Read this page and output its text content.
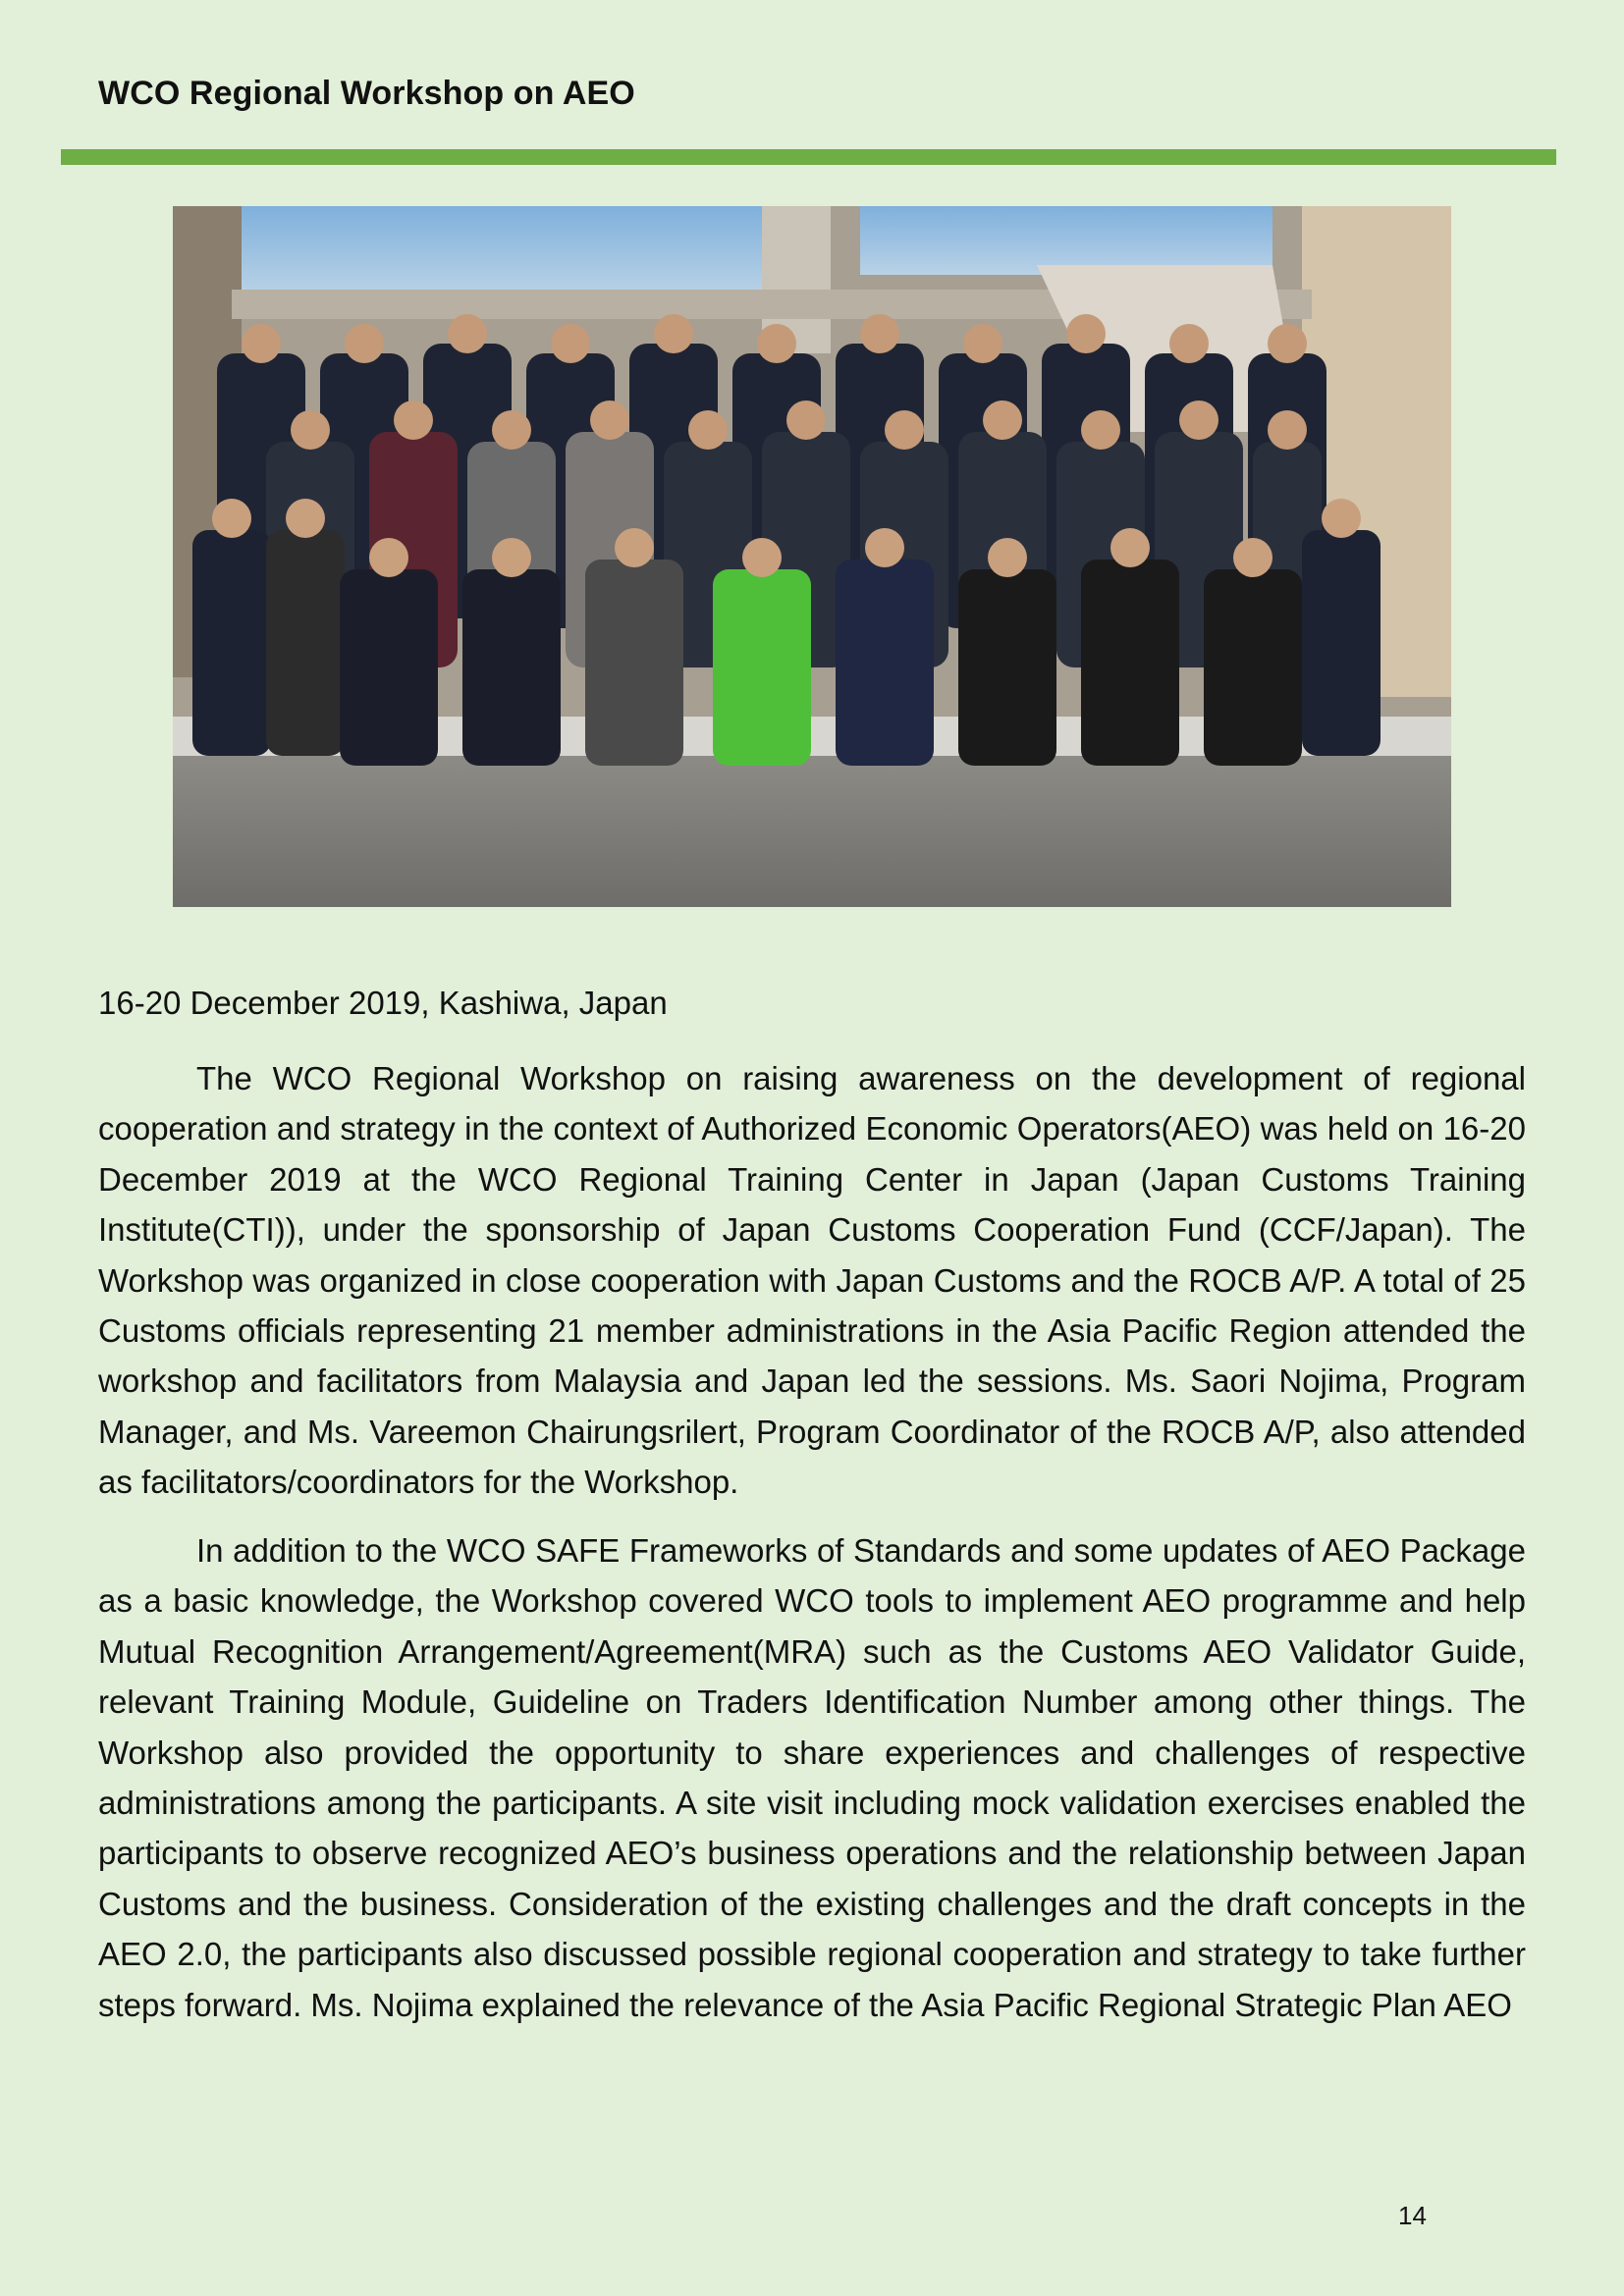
WCO Regional Workshop on AEO
16-20 December 2019, Kashiwa, Japan

The WCO Regional Workshop on raising awareness on the development of regional cooperation and strategy in the context of Authorized Economic Operators(AEO) was held on 16-20 December 2019 at the WCO Regional Training Center in Japan (Japan Customs Training Institute(CTI)), under the sponsorship of Japan Customs Cooperation Fund (CCF/Japan). The Workshop was organized in close cooperation with Japan Customs and the ROCB A/P. A total of 25 Customs officials representing 21 member administrations in the Asia Pacific Region attended the workshop and facilitators from Malaysia and Japan led the sessions. Ms. Saori Nojima, Program Manager, and Ms. Vareemon Chairungsrilert, Program Coordinator of the ROCB A/P, also attended as facilitators/coordinators for the Workshop.

In addition to the WCO SAFE Frameworks of Standards and some updates of AEO Package as a basic knowledge, the Workshop covered WCO tools to implement AEO programme and help Mutual Recognition Arrangement/Agreement(MRA) such as the Customs AEO Validator Guide, relevant Training Module, Guideline on Traders Identification Number among other things. The Workshop also provided the opportunity to share experiences and challenges of respective administrations among the participants. A site visit including mock validation exercises enabled the participants to observe recognized AEO’s business operations and the relationship between Japan Customs and the business. Consideration of the existing challenges and the draft concepts in the AEO 2.0, the participants also discussed possible regional cooperation and strategy to take further steps forward. Ms. Nojima explained the relevance of the Asia Pacific Regional Strategic Plan AEO

14
